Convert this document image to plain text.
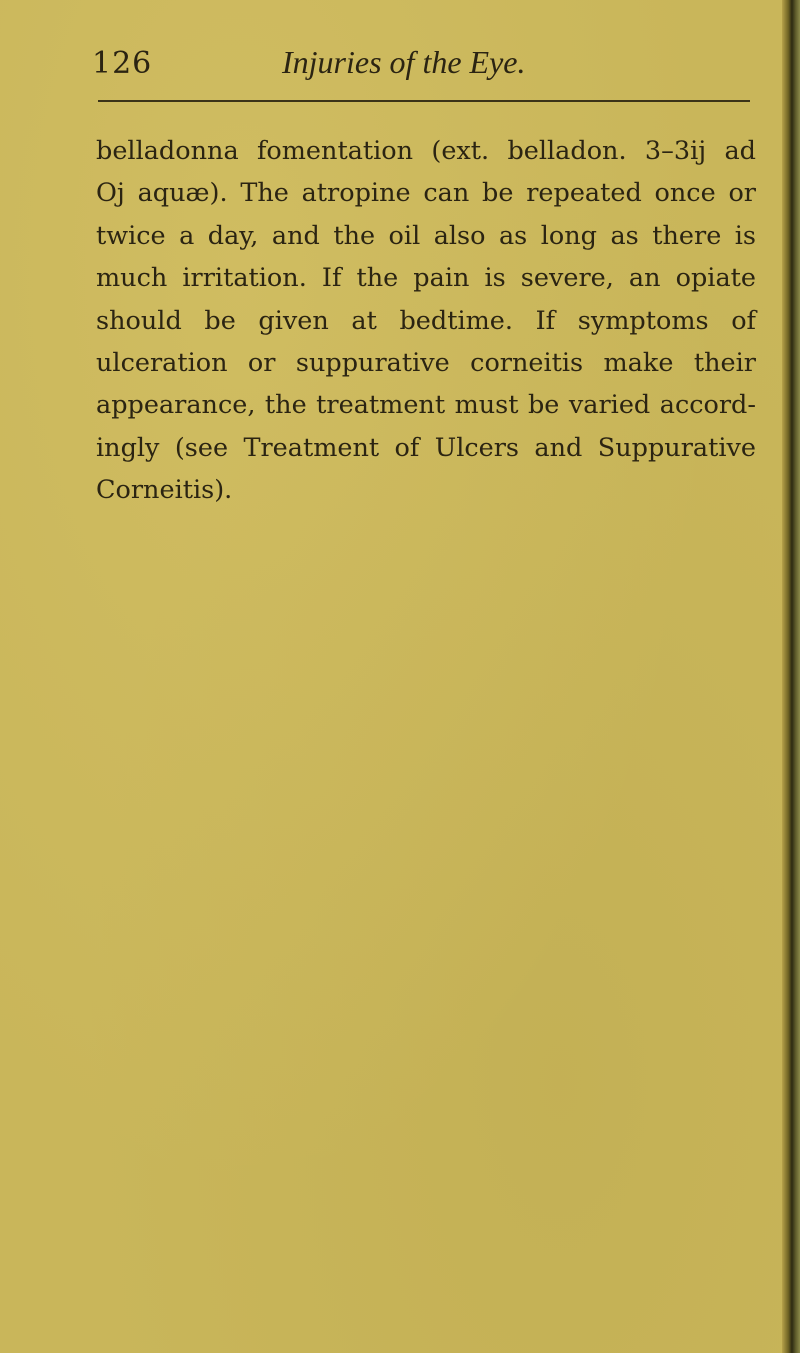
126	Injuries of the Eye.
belladonna fomentation (ext. belladon. 3–3ij ad
Oj aquæ). The atropine can be repeated once or
twice a day, and the oil also as long as there is
much irritation. If the pain is severe, an opiate
should be given at bedtime. If symptoms of
ulceration or suppurative corneitis make their
appearance, the treatment must be varied accord-
ingly (see Treatment of Ulcers and Suppurative
Corneitis).
